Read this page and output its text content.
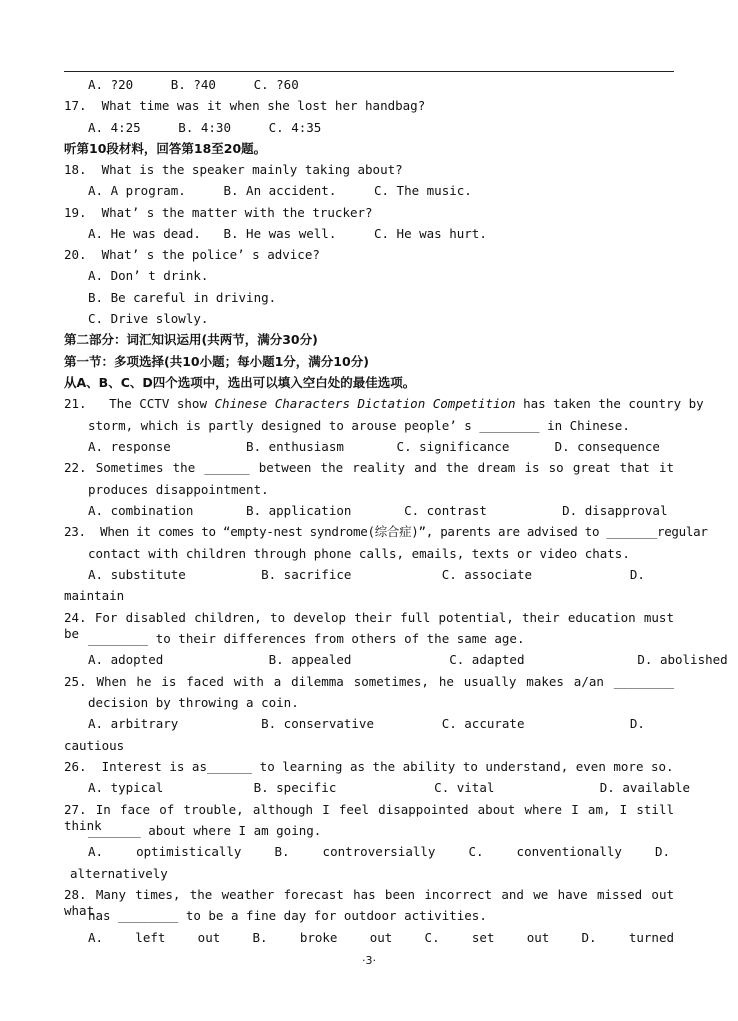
A. ?20     B. ?40     C. ?60
17.  What time was it when she lost her handbag?
A. 4:25     B. 4:30     C. 4:35
听第10段材料，回答第18至20题。
18.  What is the speaker mainly taking about?
A. A program.     B. An accident.     C. The music.
19.  What’ s the matter with the trucker?
A. He was dead.   B. He was well.     C. He was hurt.
20.  What’ s the police’ s advice?
A. Don’ t drink.
B. Be careful in driving.
C. Drive slowly.
第二部分：词汇知识运用(共两节，满分30分)
第一节：多项选择(共10小题；每小题1分，满分10分)
从A、B、C、D四个选项中，选出可以填入空白处的最佳选项。
21.   The CCTV show Chinese Characters Dictation Competition has taken the country by
storm, which is partly designed to arouse people’ s ________ in Chinese.
A. response          B. enthusiasm       C. significance      D. consequence
22. Sometimes the ______ between the reality and the dream is so great that it
produces disappointment.
A. combination       B. application       C. contrast          D. disapproval
23.  When it comes to “empty-nest syndrome(综合症)”, parents are advised to _______regular
contact with children through phone calls, emails, texts or video chats.
A. substitute          B. sacrifice            C. associate             D.
maintain
24. For disabled children, to develop their full potential, their education must be ________ to their differences from others of the same age.
A. adopted              B. appealed             C. adapted               D. abolished
25. When he is faced with a dilemma sometimes, he usually makes a/an ________
decision by throwing a coin.
A. arbitrary           B. conservative         C. accurate              D.
cautious
26.  Interest is as______ to learning as the ability to understand, even more so.
A. typical            B. specific             C. vital              D. available
27. In face of trouble, although I feel disappointed about where I am, I still think
_______ about where I am going.
A. optimistically B. controversially C. conventionally D.
alternatively
28. Many times, the weather forecast has been incorrect and we have missed out what
has ________ to be a fine day for outdoor activities.
A. left out B. broke out C. set out D. turned
·3·
